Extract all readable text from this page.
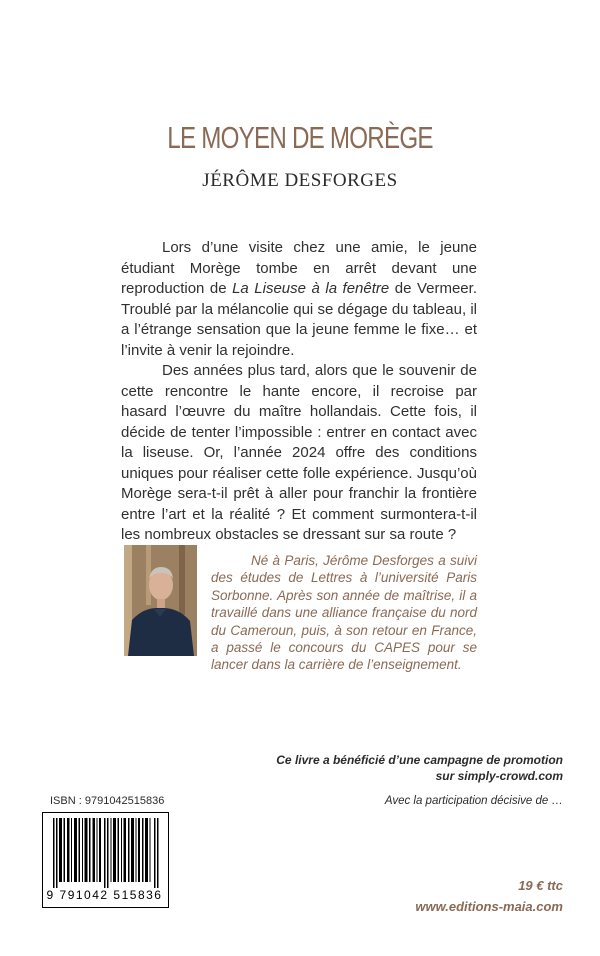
LE MOYEN DE MORÈGE
JÉRÔME DESFORGES

Lors d’une visite chez une amie, le jeune étudiant Morège tombe en arrêt devant une reproduction de La Liseuse à la fenêtre de Vermeer. Troublé par la mélancolie qui se dégage du tableau, il a l’étrange sensation que la jeune femme le fixe… et l’invite à venir la rejoindre.

Des années plus tard, alors que le souvenir de cette rencontre le hante encore, il recroise par hasard l’œuvre du maître hollandais. Cette fois, il décide de tenter l’impossible : entrer en contact avec la liseuse. Or, l’année 2024 offre des conditions uniques pour réaliser cette folle expérience. Jusqu’où Morège sera-t-il prêt à aller pour franchir la frontière entre l’art et la réalité ? Et comment surmontera-t-il les nombreux obstacles se dressant sur sa route ?

Né à Paris, Jérôme Desforges a suivi des études de Lettres à l’université Paris Sorbonne. Après son année de maîtrise, il a travaillé dans une alliance française du nord du Cameroun, puis, à son retour en France, a passé le concours du CAPES pour se lancer dans la carrière de l’enseignement.

Ce livre a bénéficié d’une campagne de promotion
sur simply-crowd.com
Avec la participation décisive de …
ISBN : 9791042515836
9 791042 515836
19 € ttc
www.editions-maia.com
